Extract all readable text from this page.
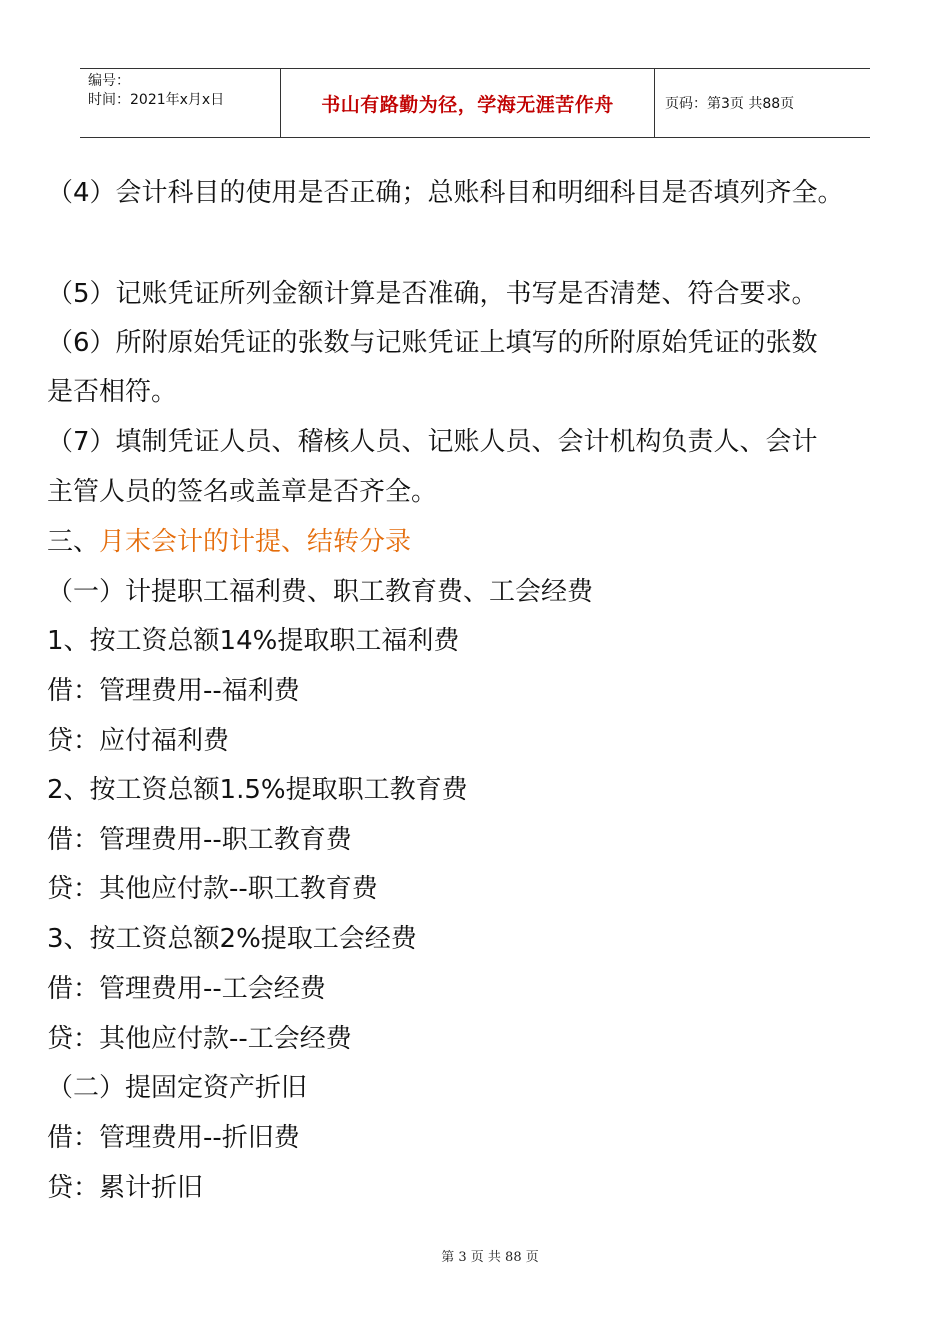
编号：
时间：2021年x月x日	书山有路勤为径，学海无涯苦作舟	页码：第3页 共88页
（4）会计科目的使用是否正确；总账科目和明细科目是否填列齐全。
（5）记账凭证所列金额计算是否准确，书写是否清楚、符合要求。
（6）所附原始凭证的张数与记账凭证上填写的所附原始凭证的张数
是否相符。
（7）填制凭证人员、稽核人员、记账人员、会计机构负责人、会计
主管人员的签名或盖章是否齐全。
三、月末会计的计提、结转分录
（一）计提职工福利费、职工教育费、工会经费
1、按工资总额14%提取职工福利费
借：管理费用--福利费
贷：应付福利费
2、按工资总额1.5%提取职工教育费
借：管理费用--职工教育费
贷：其他应付款--职工教育费
3、按工资总额2%提取工会经费
借：管理费用--工会经费
贷：其他应付款--工会经费
（二）提固定资产折旧
借：管理费用--折旧费
贷：累计折旧
第 3 页 共 88 页
